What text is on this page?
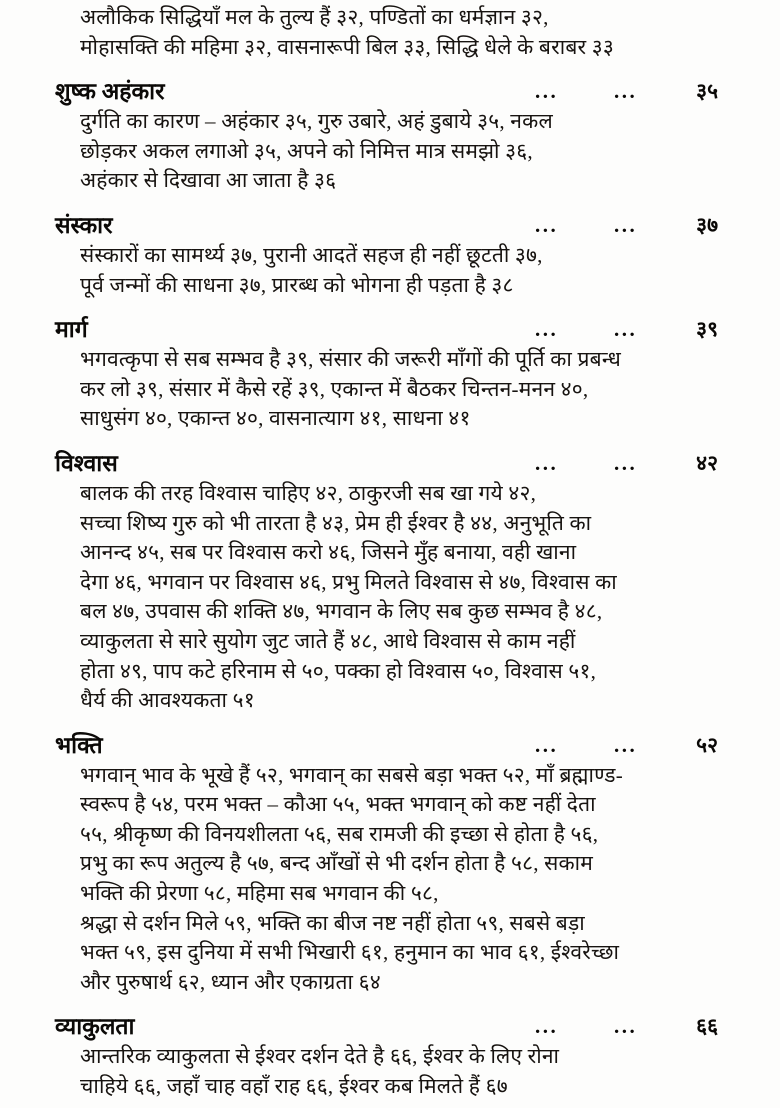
अलौकिक सिद्धियाँ मल के तुल्य हैं ३२, पण्डितों का धर्मज्ञान ३२,

मोहासक्ति की महिमा ३२, वासनारूपी बिल ३३, सिद्धि धेले के बराबर ३३

शुष्क अहंकार	...	...	३५

दुर्गति का कारण – अहंकार ३५, गुरु उबारे, अहं डुबाये ३५, नकल

छोड़कर अकल लगाओ ३५, अपने को निमित्त मात्र समझो ३६,

अहंकार से दिखावा आ जाता है ३६

संस्कार	...	...	३७

संस्कारों का सामर्थ्य ३७, पुरानी आदतें सहज ही नहीं छूटती ३७,

पूर्व जन्मों की साधना ३७, प्रारब्ध को भोगना ही पड़ता है ३८

मार्ग	...	...	३९

भगवत्कृपा से सब सम्भव है ३९, संसार की जरूरी माँगों की पूर्ति का प्रबन्ध

कर लो ३९, संसार में कैसे रहें ३९, एकान्त में बैठकर चिन्तन-मनन ४०,

साधुसंग ४०, एकान्त ४०, वासनात्याग ४१, साधना ४१

विश्वास	...	...	४२

बालक की तरह विश्वास चाहिए ४२, ठाकुरजी सब खा गये ४२,

सच्चा शिष्य गुरु को भी तारता है ४३, प्रेम ही ईश्वर है ४४, अनुभूति का

आनन्द ४५, सब पर विश्वास करो ४६, जिसने मुँह बनाया, वही खाना

देगा ४६, भगवान पर विश्वास ४६, प्रभु मिलते विश्वास से ४७, विश्वास का

बल ४७, उपवास की शक्ति ४७, भगवान के लिए सब कुछ सम्भव है ४८,

व्याकुलता से सारे सुयोग जुट जाते हैं ४८, आधे विश्वास से काम नहीं

होता ४९, पाप कटे हरिनाम से ५०, पक्का हो विश्वास ५०, विश्वास ५१,

धैर्य की आवश्यकता ५१

भक्ति	...	...	५२

भगवान् भाव के भूखे हैं ५२, भगवान् का सबसे बड़ा भक्त ५२, माँ ब्रह्माण्ड-

स्वरूप है ५४, परम भक्त – कौआ ५५, भक्त भगवान् को कष्ट नहीं देता

५५, श्रीकृष्ण की विनयशीलता ५६, सब रामजी की इच्छा से होता है ५६,

प्रभु का रूप अतुल्य है ५७, बन्द आँखों से भी दर्शन होता है ५८, सकाम

भक्ति की प्रेरणा ५८, महिमा सब भगवान की ५८,

श्रद्धा से दर्शन मिले ५९, भक्ति का बीज नष्ट नहीं होता ५९, सबसे बड़ा

भक्त ५९, इस दुनिया में सभी भिखारी ६१, हनुमान का भाव ६१, ईश्वरेच्छा

और पुरुषार्थ ६२, ध्यान और एकाग्रता ६४

व्याकुलता	...	...	६६

आन्तरिक व्याकुलता से ईश्वर दर्शन देते है ६६, ईश्वर के लिए रोना

चाहिये ६६, जहाँ चाह वहाँ राह ६६, ईश्वर कब मिलते हैं ६७
